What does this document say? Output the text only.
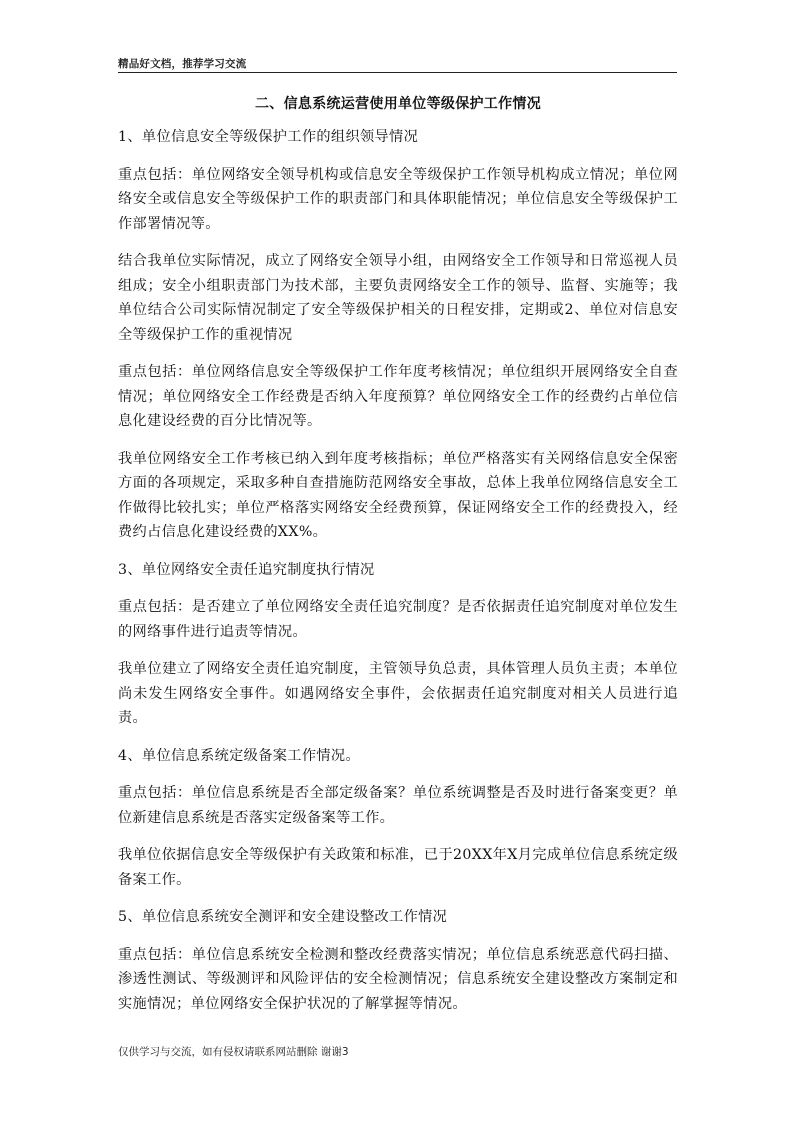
精品好文档，推荐学习交流
二、信息系统运营使用单位等级保护工作情况

1、单位信息安全等级保护工作的组织领导情况

重点包括：单位网络安全领导机构或信息安全等级保护工作领导机构成立情况；单位网络安全或信息安全等级保护工作的职责部门和具体职能情况；单位信息安全等级保护工作部署情况等。

结合我单位实际情况，成立了网络安全领导小组，由网络安全工作领导和日常巡视人员组成；安全小组职责部门为技术部，主要负责网络安全工作的领导、监督、实施等；我单位结合公司实际情况制定了安全等级保护相关的日程安排，定期或2、单位对信息安全等级保护工作的重视情况

重点包括：单位网络信息安全等级保护工作年度考核情况；单位组织开展网络安全自查情况；单位网络安全工作经费是否纳入年度预算？单位网络安全工作的经费约占单位信息化建设经费的百分比情况等。

我单位网络安全工作考核已纳入到年度考核指标；单位严格落实有关网络信息安全保密方面的各项规定，采取多种自查措施防范网络安全事故，总体上我单位网络信息安全工作做得比较扎实；单位严格落实网络安全经费预算，保证网络安全工作的经费投入，经费约占信息化建设经费的XX%。

3、单位网络安全责任追究制度执行情况

重点包括：是否建立了单位网络安全责任追究制度？是否依据责任追究制度对单位发生的网络事件进行追责等情况。

我单位建立了网络安全责任追究制度，主管领导负总责，具体管理人员负主责；本单位尚未发生网络安全事件。如遇网络安全事件，会依据责任追究制度对相关人员进行追责。

4、单位信息系统定级备案工作情况。

重点包括：单位信息系统是否全部定级备案？单位系统调整是否及时进行备案变更？单位新建信息系统是否落实定级备案等工作。

我单位依据信息安全等级保护有关政策和标准，已于20XX年X月完成单位信息系统定级备案工作。

5、单位信息系统安全测评和安全建设整改工作情况

重点包括：单位信息系统安全检测和整改经费落实情况；单位信息系统恶意代码扫描、渗透性测试、等级测评和风险评估的安全检测情况；信息系统安全建设整改方案制定和实施情况；单位网络安全保护状况的了解掌握等情况。

仅供学习与交流，如有侵权请联系网站删除 谢谢3
